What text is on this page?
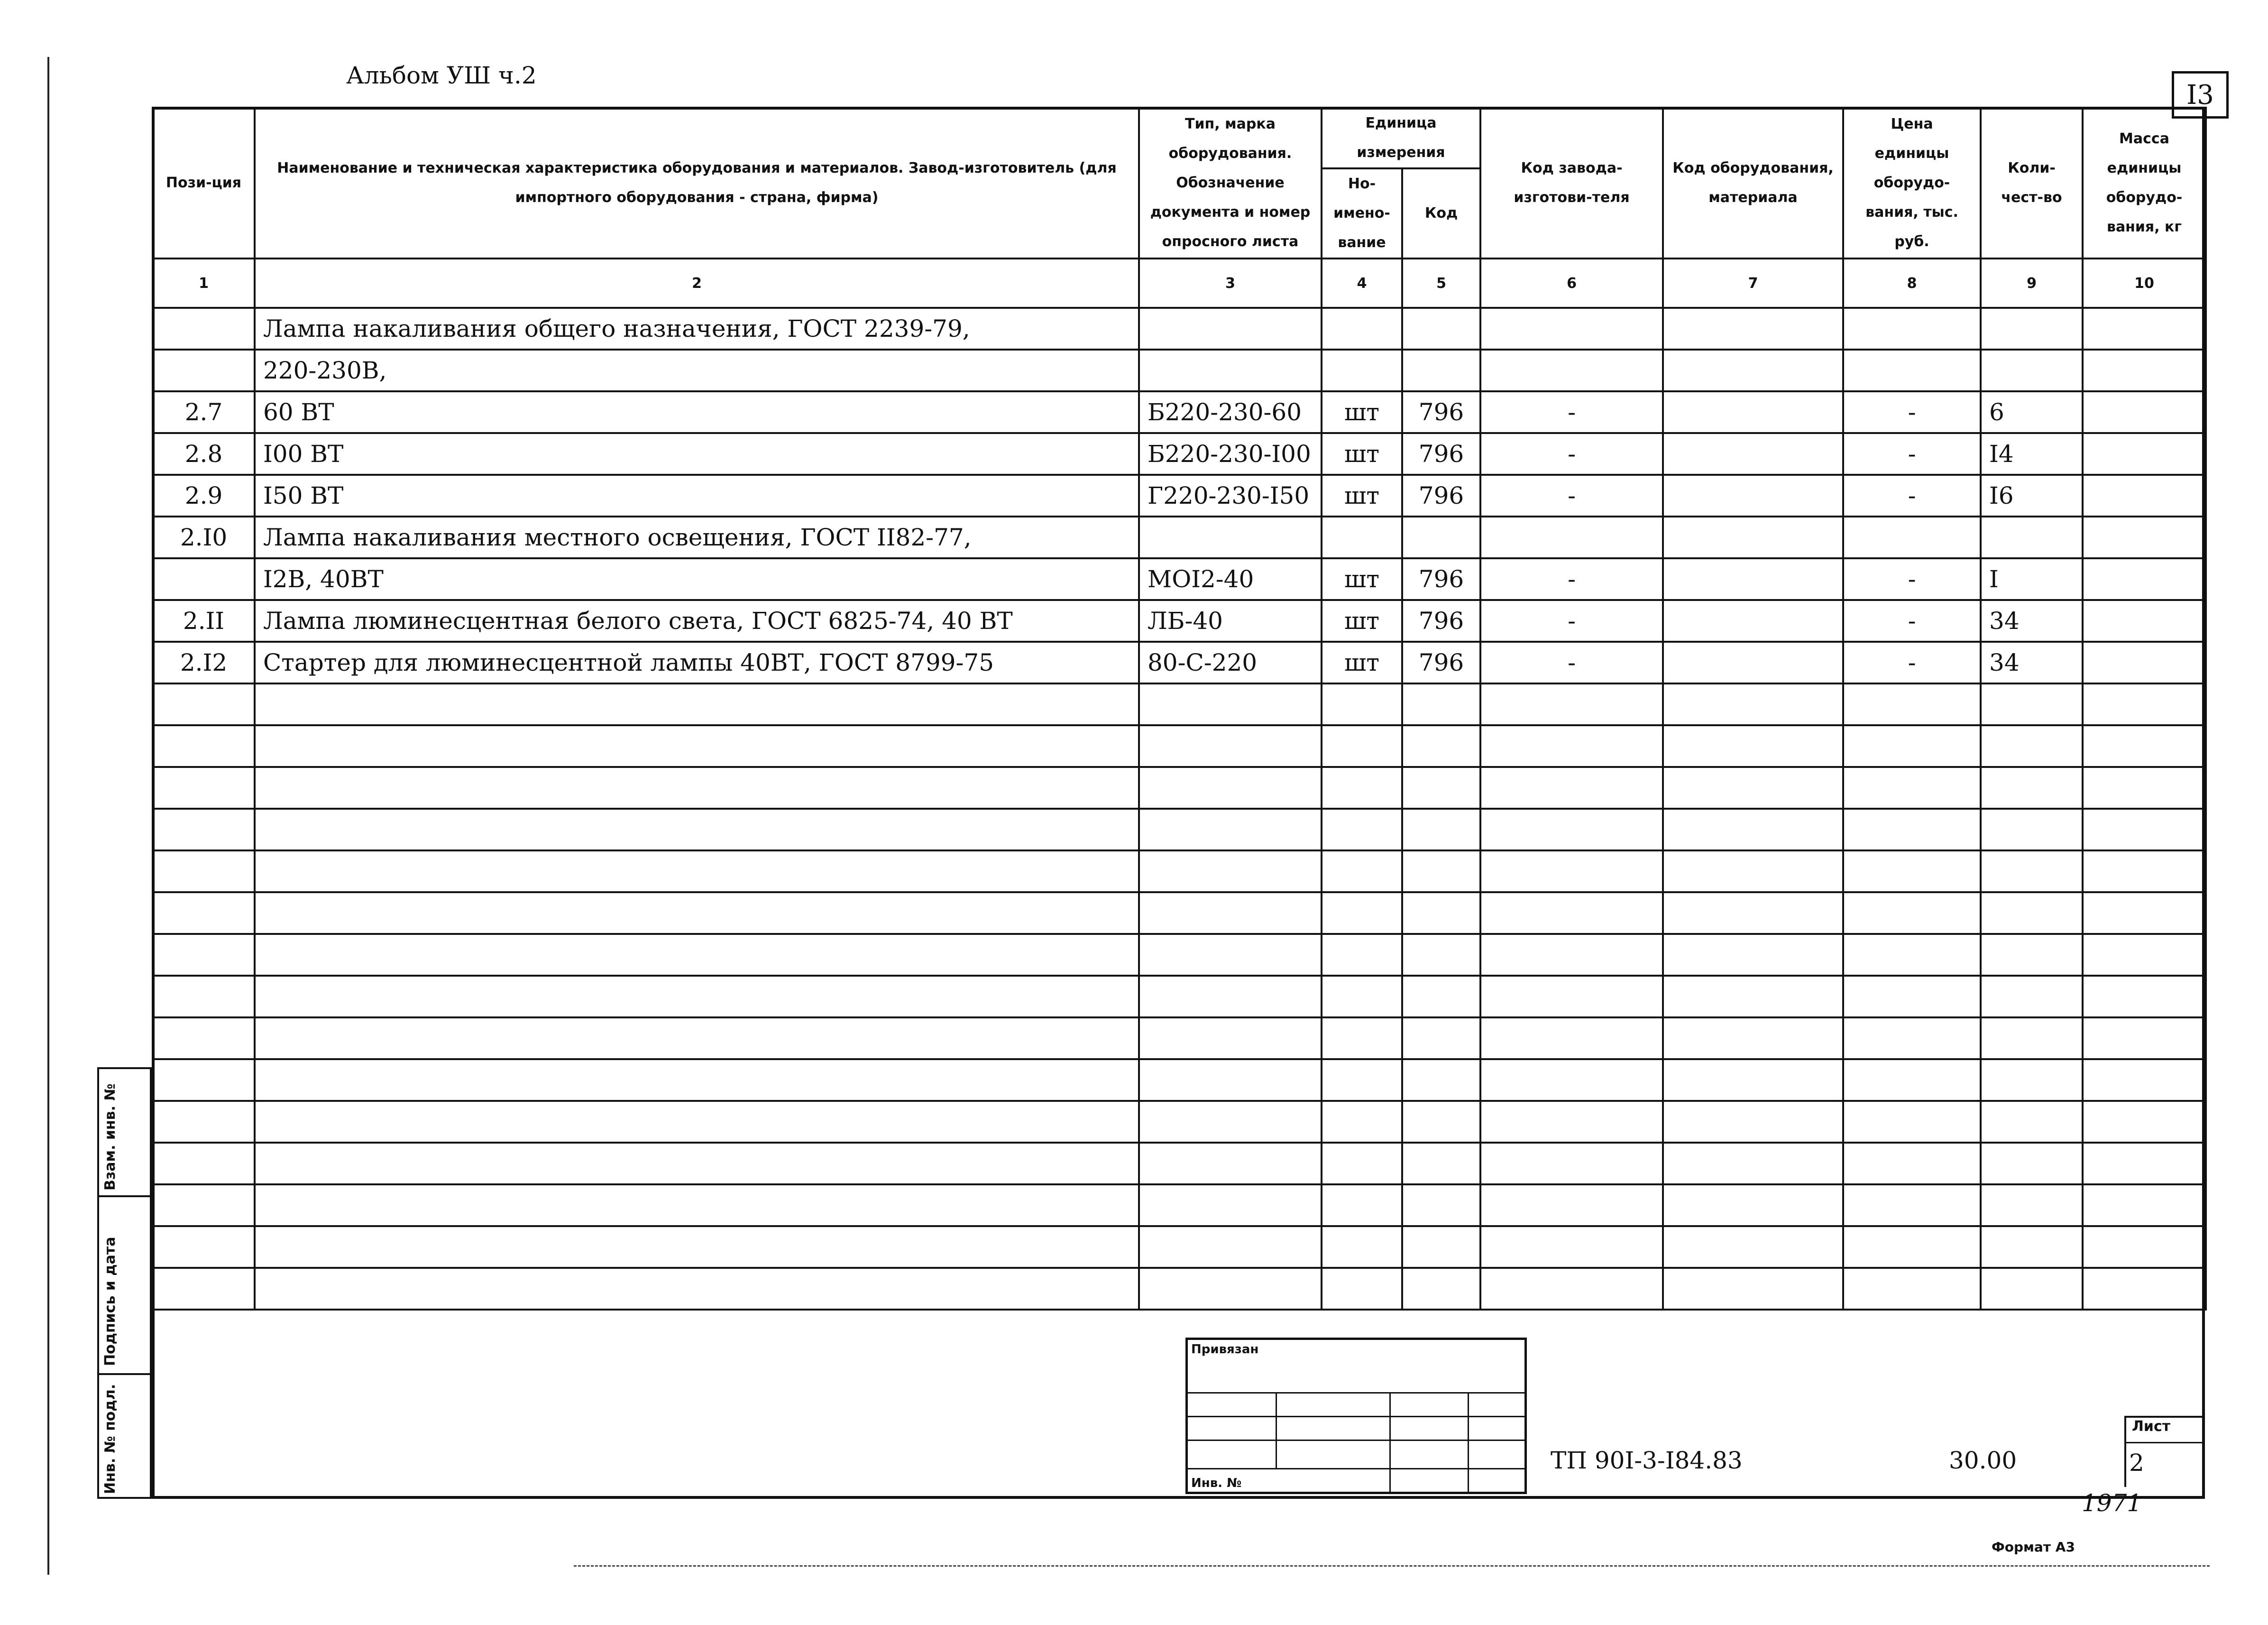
Альбом УШ ч.2
I3
Пози-ция	Наименование и техническая характеристика оборудования и материалов. Завод-изготовитель (для импортного оборудования - страна, фирма)	Тип, марка оборудования. Обозначение документа и номер опросного листа	Единица измерения		Код завода-изготови-теля	Код оборудования, материала	Цена единицы оборудо-вания, тыс. руб.	Коли-чест-во	Масса единицы оборудо-вания, кг
			Но-имено-вание	Код					
1	2	3	4	5	6	7	8	9	10
	Лампа накаливания общего назначения, ГОСТ 2239-79,								
	220-230В,								
2.7	60 ВТ	Б220-230-60	шт	796	-		-	6	
2.8	I00 ВТ	Б220-230-I00	шт	796	-		-	I4	
2.9	I50 ВТ	Г220-230-I50	шт	796	-		-	I6	
2.I0	Лампа накаливания местного освещения, ГОСТ II82-77,								
	I2В, 40ВТ	МОI2-40	шт	796	-		-	I	
2.II	Лампа люминесцентная белого света, ГОСТ 6825-74, 40 ВТ	ЛБ-40	шт	796	-		-	34	
2.I2	Стартер для люминесцентной лампы 40ВТ, ГОСТ 8799-75	80-С-220	шт	796	-		-	34	

Взам. инв. №
Подпись и дата
Инв. № подл.
Привязан
Инв. №
ТП 90I-3-I84.83	30.00
Лист
2
1971
Формат А3
